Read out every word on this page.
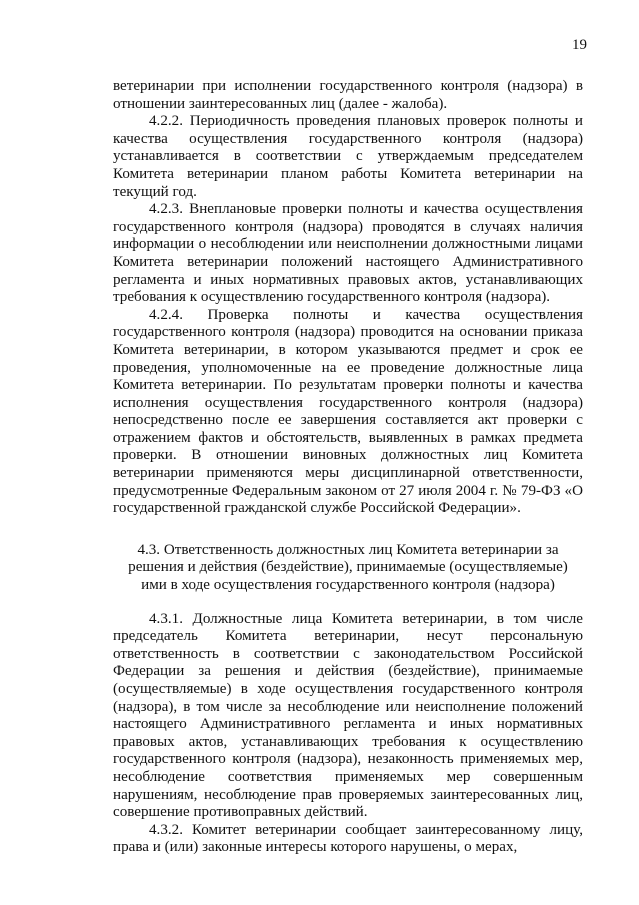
19

ветеринарии при исполнении государственного контроля (надзора) в отношении заинтересованных лиц (далее - жалоба).

4.2.2. Периодичность проведения плановых проверок полноты и качества осуществления государственного контроля (надзора) устанавливается в соответствии с утверждаемым председателем Комитета ветеринарии планом работы Комитета ветеринарии на текущий год.

4.2.3. Внеплановые проверки полноты и качества осуществления государственного контроля (надзора) проводятся в случаях наличия информации о несоблюдении или неисполнении должностными лицами Комитета ветеринарии положений настоящего Административного регламента и иных нормативных правовых актов, устанавливающих требования к осуществлению государственного контроля (надзора).

4.2.4. Проверка полноты и качества осуществления государственного контроля (надзора) проводится на основании приказа Комитета ветеринарии, в котором указываются предмет и срок ее проведения, уполномоченные на ее проведение должностные лица Комитета ветеринарии. По результатам проверки полноты и качества исполнения осуществления государственного контроля (надзора) непосредственно после ее завершения составляется акт проверки с отражением фактов и обстоятельств, выявленных в рамках предмета проверки. В отношении виновных должностных лиц Комитета ветеринарии применяются меры дисциплинарной ответственности, предусмотренные Федеральным законом от 27 июля 2004 г. № 79-ФЗ «О государственной гражданской службе Российской Федерации».

4.3. Ответственность должностных лиц Комитета ветеринарии за решения и действия (бездействие), принимаемые (осуществляемые) ими в ходе осуществления государственного контроля (надзора)

4.3.1. Должностные лица Комитета ветеринарии, в том числе председатель Комитета ветеринарии, несут персональную ответственность в соответствии с законодательством Российской Федерации за решения и действия (бездействие), принимаемые (осуществляемые) в ходе осуществления государственного контроля (надзора), в том числе за несоблюдение или неисполнение положений настоящего Административного регламента и иных нормативных правовых актов, устанавливающих требования к осуществлению государственного контроля (надзора), незаконность применяемых мер, несоблюдение соответствия применяемых мер совершенным нарушениям, несоблюдение прав проверяемых заинтересованных лиц, совершение противоправных действий.

4.3.2. Комитет ветеринарии сообщает заинтересованному лицу, права и (или) законные интересы которого нарушены, о мерах,
